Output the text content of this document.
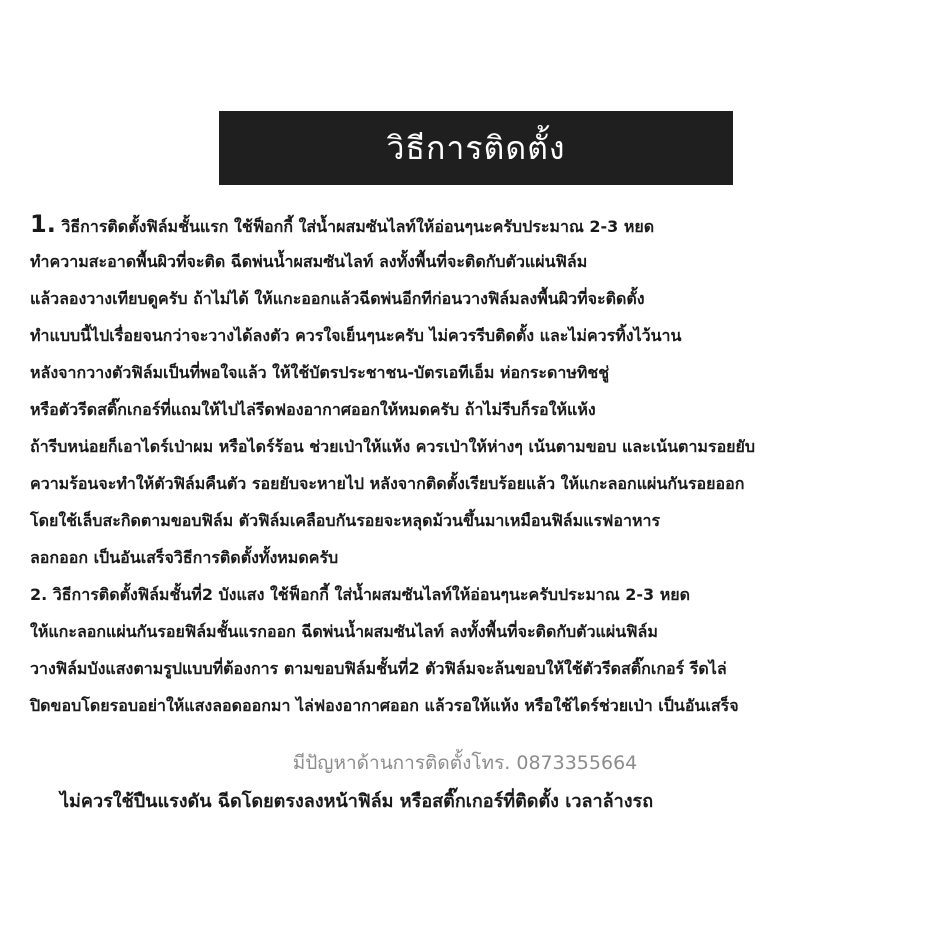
วิธีการติดตั้ง
1. วิธีการติดตั้งฟิล์มชั้นแรก ใช้ฟ็อกกี้ ใส่น้ำผสมซันไลท์ให้อ่อนๆนะครับประมาณ 2-3 หยด
ทำความสะอาดพื้นผิวที่จะติด ฉีดพ่นน้ำผสมซันไลท์ ลงทั้งพื้นที่จะติดกับตัวแผ่นฟิล์ม
แล้วลองวางเทียบดูครับ ถ้าไม่ได้ ให้แกะออกแล้วฉีดพ่นอีกทีก่อนวางฟิล์มลงพื้นผิวที่จะติดตั้ง
ทำแบบนี้ไปเรื่อยจนกว่าจะวางได้ลงตัว ควรใจเย็นๆนะครับ ไม่ควรรีบติดตั้ง และไม่ควรทิ้งไว้นาน
หลังจากวางตัวฟิล์มเป็นที่พอใจแล้ว ให้ใช้บัตรประชาชน-บัตรเอทีเอ็ม ห่อกระดาษทิชชู่
หรือตัวรีดสติ๊กเกอร์ที่แถมให้ไปไล่รีดฟองอากาศออกให้หมดครับ ถ้าไม่รีบก็รอให้แห้ง
ถ้ารีบหน่อยก็เอาไดร์เป่าผม หรือไดร์ร้อน ช่วยเป่าให้แห้ง ควรเป่าให้ห่างๆ เน้นตามขอบ และเน้นตามรอยยับ
ความร้อนจะทำให้ตัวฟิล์มคืนตัว รอยยับจะหายไป หลังจากติดตั้งเรียบร้อยแล้ว ให้แกะลอกแผ่นกันรอยออก
โดยใช้เล็บสะกิดตามขอบฟิล์ม ตัวฟิล์มเคลือบกันรอยจะหลุดม้วนขึ้นมาเหมือนฟิล์มแรฟอาหาร
ลอกออก เป็นอันเสร็จวิธีการติดตั้งทั้งหมดครับ
2. วิธีการติดตั้งฟิล์มชั้นที่2 บังแสง ใช้ฟ็อกกี้ ใส่น้ำผสมซันไลท์ให้อ่อนๆนะครับประมาณ 2-3 หยด
ให้แกะลอกแผ่นกันรอยฟิล์มชั้นแรกออก ฉีดพ่นน้ำผสมซันไลท์ ลงทั้งพื้นที่จะติดกับตัวแผ่นฟิล์ม
วางฟิล์มบังแสงตามรูปแบบที่ต้องการ ตามขอบฟิล์มชั้นที่2 ตัวฟิล์มจะล้นขอบให้ใช้ตัวรีดสติ๊กเกอร์ รีดไล่
ปิดขอบโดยรอบอย่าให้แสงลอดออกมา ไล่ฟองอากาศออก แล้วรอให้แห้ง หรือใช้ไดร์ช่วยเป่า เป็นอันเสร็จ
มีปัญหาด้านการติดตั้งโทร. 0873355664
ไม่ควรใช้ปืนแรงดัน ฉีดโดยตรงลงหน้าฟิล์ม หรือสติ๊กเกอร์ที่ติดตั้ง เวลาล้างรถ
